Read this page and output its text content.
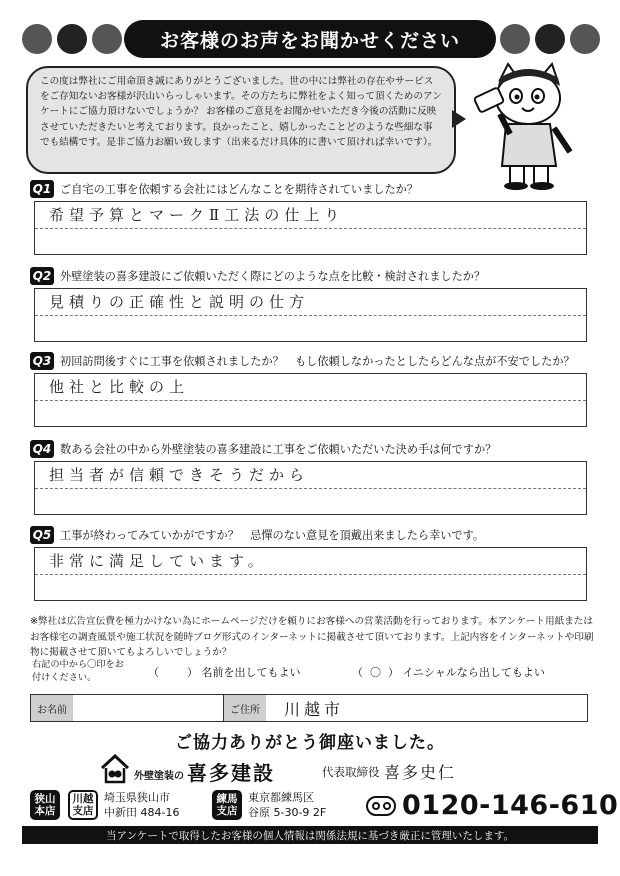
お客様のお声をお聞かせください
この度は弊社にご用命頂き誠にありがとうございました。世の中には弊社の存在やサービスをご存知ないお客様が沢山いらっしゃいます。その方たちに弊社をよく知って頂くためのアンケートにご協力頂けないでしょうか？ お客様のご意見をお聞かせいただき今後の活動に反映させていただきたいと考えております。良かったこと、嬉しかったことどのような些細な事でも結構です。是非ご協力お願い致します（出来るだけ具体的に書いて頂ければ幸いです）。
Q1 ご自宅の工事を依頼する会社にはどんなことを期待されていましたか？
希望予算とマークⅡ工法の仕上り
Q2 外壁塗装の喜多建設にご依頼いただく際にどのような点を比較・検討されましたか？
見積りの正確性と説明の仕方
Q3 初回訪問後すぐに工事を依頼されましたか？　もし依頼しなかったとしたらどんな点が不安でしたか？
他社と比較の上
Q4 数ある会社の中から外壁塗装の喜多建設に工事をご依頼いただいた決め手は何ですか？
担当者が信頼できそうだから
Q5 工事が終わってみていかがですか？　忌憚のない意見を頂戴出来ましたら幸いです。
非常に満足しています。
※弊社は広告宣伝費を極力かけない為にホームページだけを頼りにお客様への営業活動を行っております。本アンケート用紙またはお客様宅の調査風景や施工状況を随時ブログ形式のインターネットに掲載させて頂いております。上記内容をインターネットや印刷物に掲載させて頂いてもよろしいでしょうか？
右記の中から〇印をお付けください。	（        ） 名前を出してもよい	（  〇  ） イニシャルなら出してもよい
お名前	ご住所	川越市
ご協力ありがとう御座いました。
外壁塗装の 喜多建設	代表取締役 喜多史仁
狭山本店
川越支店
埼玉県狭山市
中新田 484-16
練馬支店
東京都練馬区
谷原 5-30-9 2F	0120-146-610
当アンケートで取得したお客様の個人情報は関係法規に基づき厳正に管理いたします。
